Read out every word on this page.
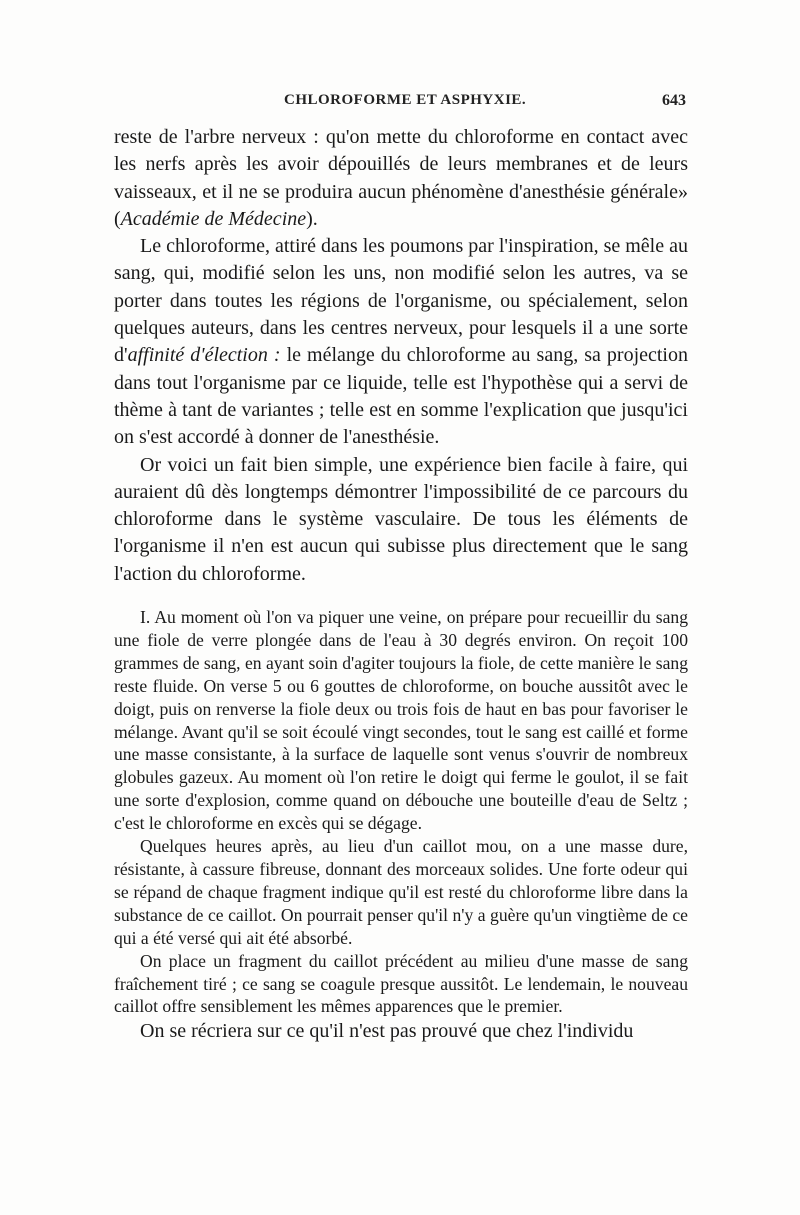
CHLOROFORME ET ASPHYXIE.	643

reste de l'arbre nerveux : qu'on mette du chloroforme en contact avec les nerfs après les avoir dépouillés de leurs membranes et de leurs vaisseaux, et il ne se produira aucun phénomène d'anesthésie générale» (Académie de Médecine).

Le chloroforme, attiré dans les poumons par l'inspiration, se mêle au sang, qui, modifié selon les uns, non modifié selon les autres, va se porter dans toutes les régions de l'organisme, ou spécialement, selon quelques auteurs, dans les centres nerveux, pour lesquels il a une sorte d'affinité d'élection : le mélange du chloroforme au sang, sa projection dans tout l'organisme par ce liquide, telle est l'hypothèse qui a servi de thème à tant de variantes ; telle est en somme l'explication que jusqu'ici on s'est accordé à donner de l'anesthésie.

Or voici un fait bien simple, une expérience bien facile à faire, qui auraient dû dès longtemps démontrer l'impossibilité de ce parcours du chloroforme dans le système vasculaire. De tous les éléments de l'organisme il n'en est aucun qui subisse plus directement que le sang l'action du chloroforme.

I. Au moment où l'on va piquer une veine, on prépare pour recueillir du sang une fiole de verre plongée dans de l'eau à 30 degrés environ. On reçoit 100 grammes de sang, en ayant soin d'agiter toujours la fiole, de cette manière le sang reste fluide. On verse 5 ou 6 gouttes de chloroforme, on bouche aussitôt avec le doigt, puis on renverse la fiole deux ou trois fois de haut en bas pour favoriser le mélange. Avant qu'il se soit écoulé vingt secondes, tout le sang est caillé et forme une masse consistante, à la surface de laquelle sont venus s'ouvrir de nombreux globules gazeux. Au moment où l'on retire le doigt qui ferme le goulot, il se fait une sorte d'explosion, comme quand on débouche une bouteille d'eau de Seltz ; c'est le chloroforme en excès qui se dégage.

Quelques heures après, au lieu d'un caillot mou, on a une masse dure, résistante, à cassure fibreuse, donnant des morceaux solides. Une forte odeur qui se répand de chaque fragment indique qu'il est resté du chloroforme libre dans la substance de ce caillot. On pourrait penser qu'il n'y a guère qu'un vingtième de ce qui a été versé qui ait été absorbé.

On place un fragment du caillot précédent au milieu d'une masse de sang fraîchement tiré ; ce sang se coagule presque aussitôt. Le lendemain, le nouveau caillot offre sensiblement les mêmes apparences que le premier.

On se récriera sur ce qu'il n'est pas prouvé que chez l'individu
